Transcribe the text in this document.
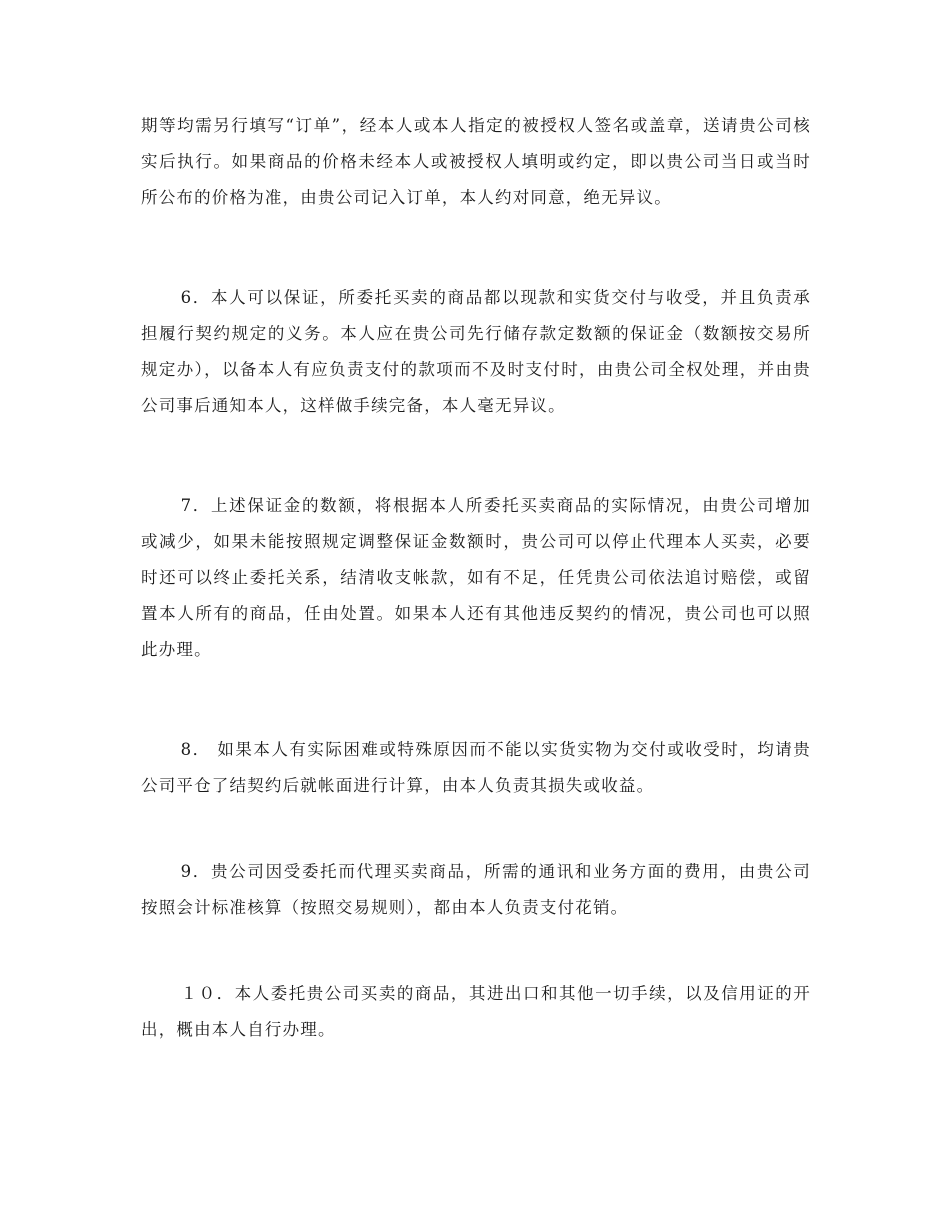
期等均需另行填写“订单”，经本人或本人指定的被授权人签名或盖章，送请贵公司核实后执行。如果商品的价格未经本人或被授权人填明或约定，即以贵公司当日或当时所公布的价格为准，由贵公司记入订单，本人约对同意，绝无异议。

6．本人可以保证，所委托买卖的商品都以现款和实货交付与收受，并且负责承担履行契约规定的义务。本人应在贵公司先行储存款定数额的保证金（数额按交易所规定办），以备本人有应负责支付的款项而不及时支付时，由贵公司全权处理，并由贵公司事后通知本人，这样做手续完备，本人毫无异议。

7．上述保证金的数额，将根据本人所委托买卖商品的实际情况，由贵公司增加或减少，如果未能按照规定调整保证金数额时，贵公司可以停止代理本人买卖，必要时还可以终止委托关系，结清收支帐款，如有不足，任凭贵公司依法追讨赔偿，或留置本人所有的商品，任由处置。如果本人还有其他违反契约的情况，贵公司也可以照此办理。

8． 如果本人有实际困难或特殊原因而不能以实货实物为交付或收受时，均请贵公司平仓了结契约后就帐面进行计算，由本人负责其损失或收益。

9．贵公司因受委托而代理买卖商品，所需的通讯和业务方面的费用，由贵公司按照会计标准核算（按照交易规则），都由本人负责支付花销。

１０．本人委托贵公司买卖的商品，其进出口和其他一切手续，以及信用证的开出，概由本人自行办理。
